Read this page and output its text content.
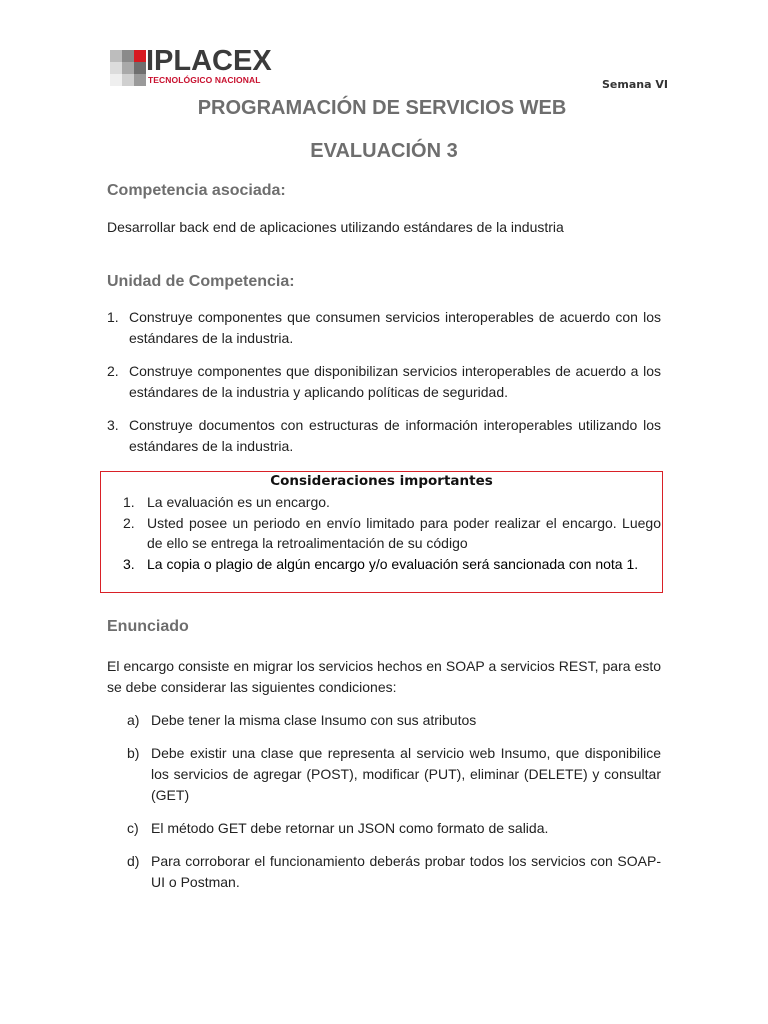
IPLACEX
TECNOLÓGICO NACIONAL	Semana VI
PROGRAMACIÓN DE SERVICIOS WEB
EVALUACIÓN 3
Competencia asociada:
Desarrollar back end de aplicaciones utilizando estándares de la industria
Unidad de Competencia:
1. Construye componentes que consumen servicios interoperables de acuerdo con los estándares de la industria.
2. Construye componentes que disponibilizan servicios interoperables de acuerdo a los estándares de la industria y aplicando políticas de seguridad.
3. Construye documentos con estructuras de información interoperables utilizando los estándares de la industria.
Consideraciones importantes
1. La evaluación es un encargo.
2. Usted posee un periodo en envío limitado para poder realizar el encargo. Luego de ello se entrega la retroalimentación de su código
3. La copia o plagio de algún encargo y/o evaluación será sancionada con nota 1.
Enunciado
El encargo consiste en migrar los servicios hechos en SOAP a servicios REST, para esto se debe considerar las siguientes condiciones:
a) Debe tener la misma clase Insumo con sus atributos
b) Debe existir una clase que representa al servicio web Insumo, que disponibilice los servicios de agregar (POST), modificar (PUT), eliminar (DELETE) y consultar (GET)
c) El método GET debe retornar un JSON como formato de salida.
d) Para corroborar el funcionamiento deberás probar todos los servicios con SOAP-UI o Postman.
